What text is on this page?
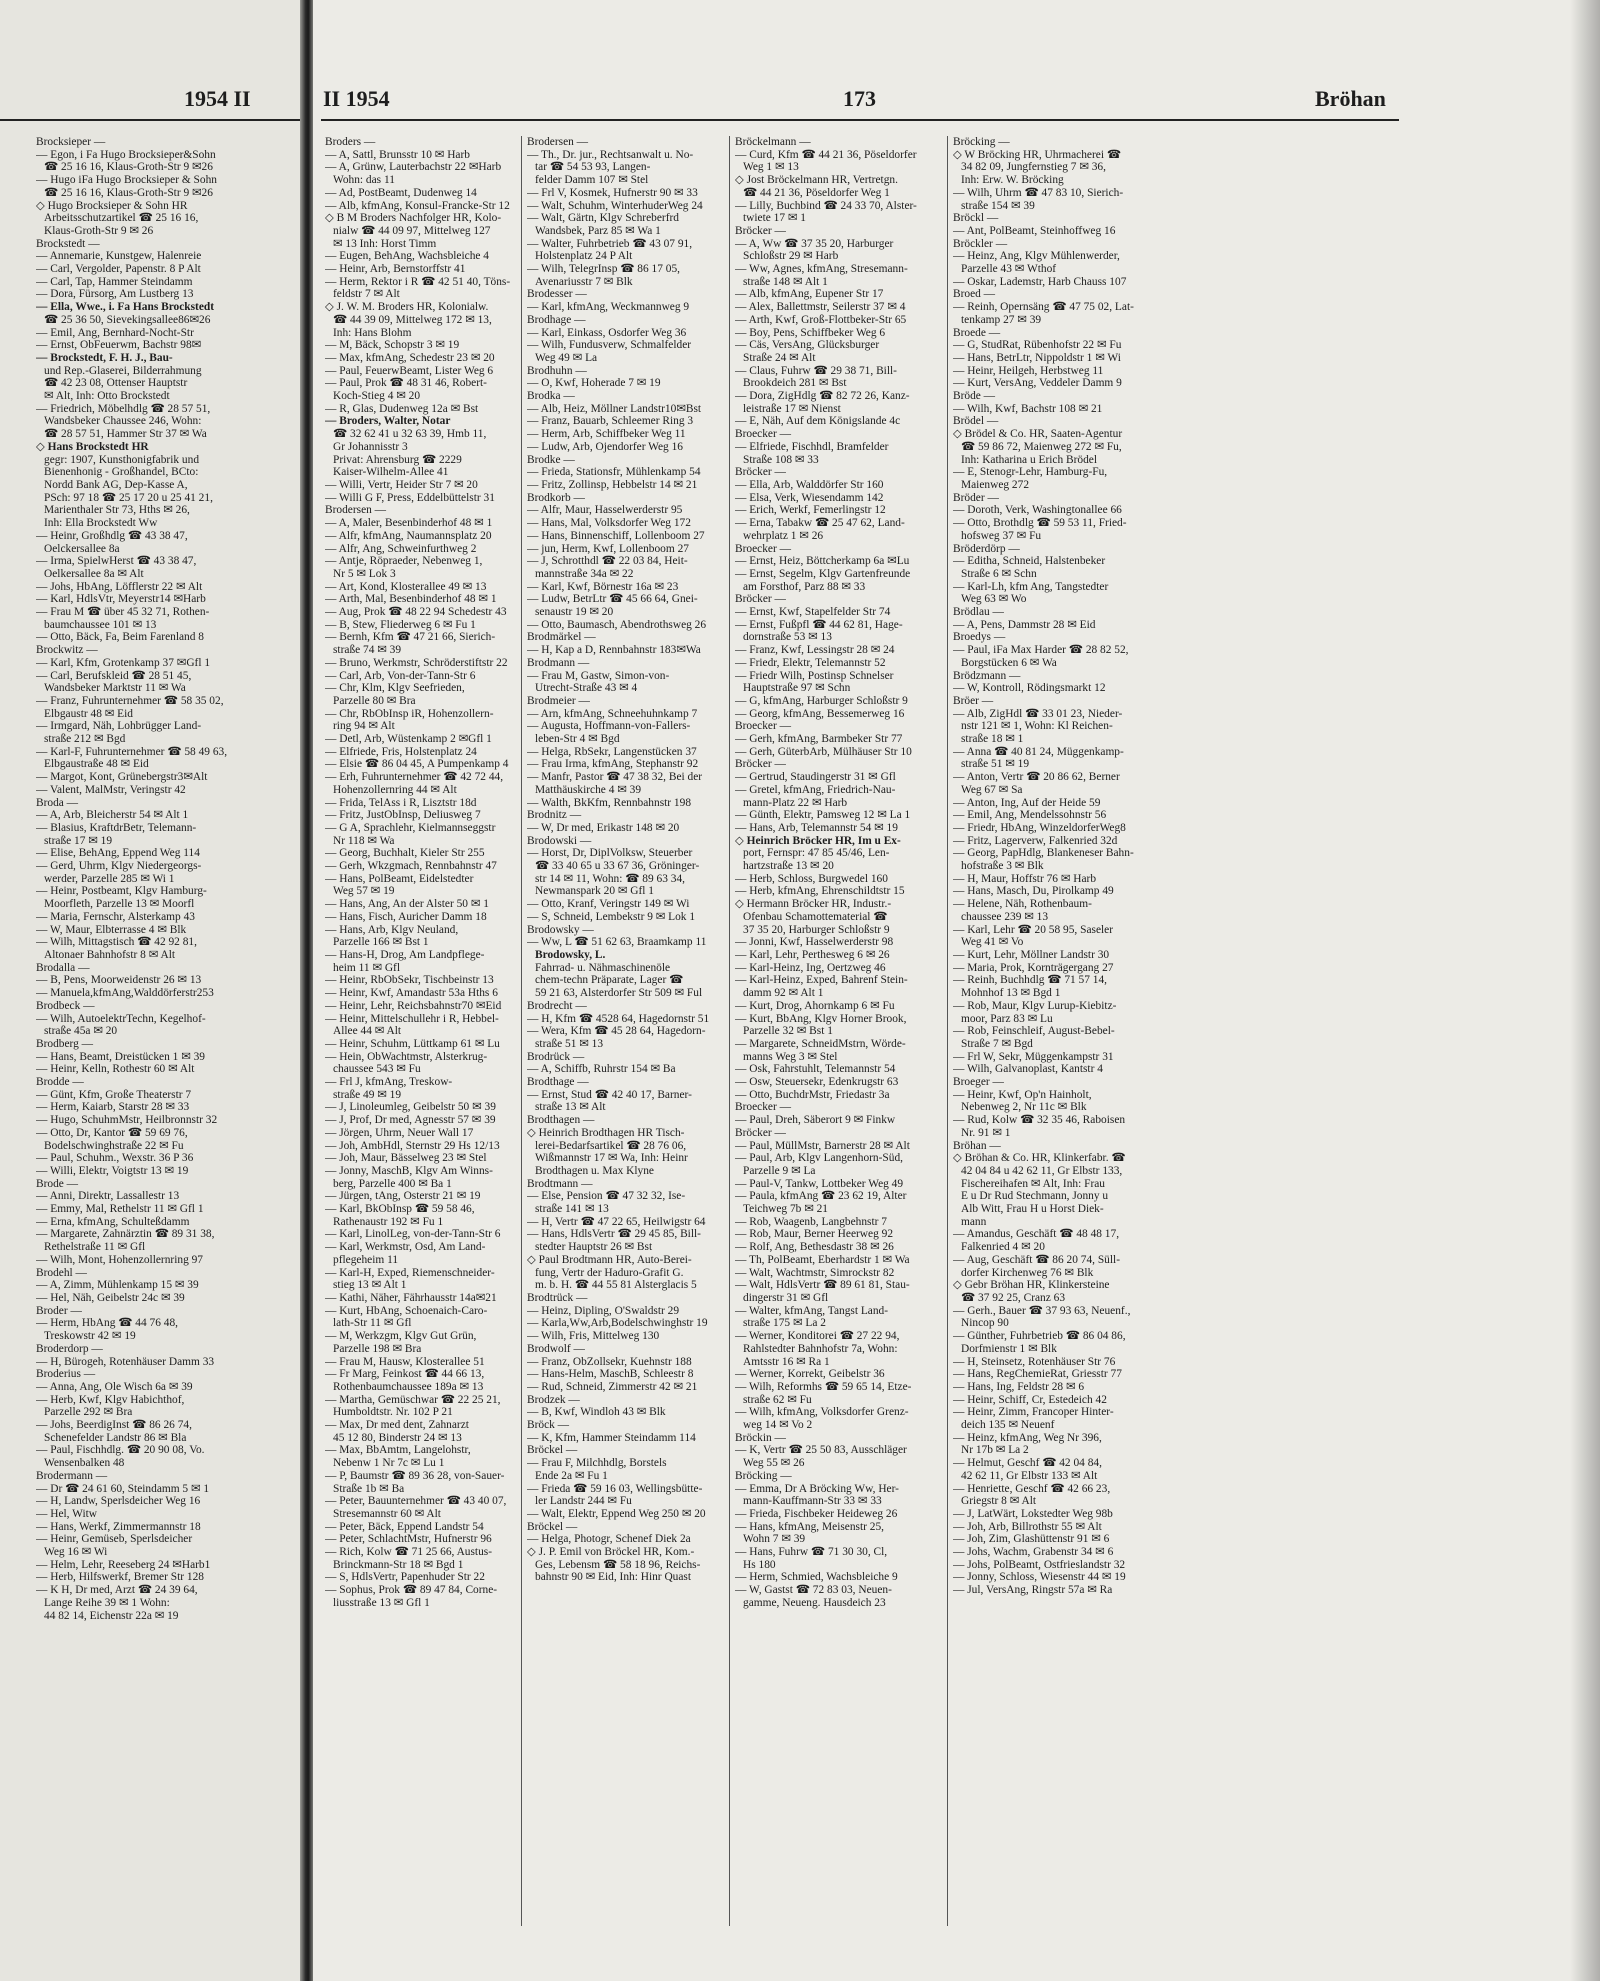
1954 II
Brocksieper —
— Egon, i Fa Hugo Brocksieper&Sohn
☎ 25 16 16, Klaus-Groth-Str 9 ✉26
— Hugo iFa Hugo Brocksieper & Sohn
☎ 25 16 16, Klaus-Groth-Str 9 ✉26
◇ Hugo Brocksieper & Sohn HR
Arbeitsschutzartikel ☎ 25 16 16,
Klaus-Groth-Str 9 ✉ 26
Brockstedt —
— Annemarie, Kunstgew, Halenreie
— Carl, Vergolder, Papenstr. 8 P Alt
— Carl, Tap, Hammer Steindamm
— Dora, Fürsorg, Am Lustberg 13
— Ella, Wwe., i. Fa Hans Brockstedt
☎ 25 36 50, Sievekingsallee86✉26
— Emil, Ang, Bernhard-Nocht-Str
— Ernst, ObFeuerwm, Bachstr 98✉
— Brockstedt, F. H. J., Bau-
und Rep.-Glaserei, Bilderrahmung
☎ 42 23 08, Ottenser Hauptstr
✉ Alt, Inh: Otto Brockstedt
— Friedrich, Möbelhdlg ☎ 28 57 51,
Wandsbeker Chaussee 246, Wohn:
☎ 28 57 51, Hammer Str 37 ✉ Wa
◇ Hans Brockstedt HR
gegr: 1907, Kunsthonigfabrik und
Bienenhonig - Großhandel, BCto:
Nordd Bank AG, Dep-Kasse A,
PSch: 97 18 ☎ 25 17 20 u 25 41 21,
Marienthaler Str 73, Hths ✉ 26,
Inh: Ella Brockstedt Ww
— Heinr, Großhdlg ☎ 43 38 47,
Oelckersallee 8a
— Irma, SpielwHerst ☎ 43 38 47,
Oelkersallee 8a ✉ Alt
— Johs, HbAng, Löfflerstr 22 ✉ Alt
— Karl, HdlsVtr, Meyerstr14 ✉Harb
— Frau M ☎ über 45 32 71, Rothen-
baumchaussee 101 ✉ 13
— Otto, Bäck, Fa, Beim Farenland 8
Brockwitz —
— Karl, Kfm, Grotenkamp 37 ✉Gfl 1
— Carl, Berufskleid ☎ 28 51 45,
Wandsbeker Marktstr 11 ✉ Wa
— Franz, Fuhrunternehmer ☎ 58 35 02,
Elbgaustr 48 ✉ Eid
— Irmgard, Näh, Lohbrügger Land-
straße 212 ✉ Bgd
— Karl-F, Fuhrunternehmer ☎ 58 49 63,
Elbgaustraße 48 ✉ Eid
— Margot, Kont, Grünebergstr3✉Alt
— Valent, MalMstr, Veringstr 42
Broda —
— A, Arb, Bleicherstr 54 ✉ Alt 1
— Blasius, KraftdrBetr, Telemann-
straße 17 ✉ 19
— Elise, BehAng, Eppend Weg 114
— Gerd, Uhrm, Klgv Niedergeorgs-
werder, Parzelle 285 ✉ Wi 1
— Heinr, Postbeamt, Klgv Hamburg-
Moorfleth, Parzelle 13 ✉ Moorfl
— Maria, Fernschr, Alsterkamp 43
— W, Maur, Elbterrasse 4 ✉ Blk
— Wilh, Mittagstisch ☎ 42 92 81,
Altonaer Bahnhofstr 8 ✉ Alt
Brodalla —
— B, Pens, Moorweidenstr 26 ✉ 13
— Manuela,kfmAng,Walddörferstr253
Brodbeck —
— Wilh, AutoelektrTechn, Kegelhof-
straße 45a ✉ 20
Brodberg —
— Hans, Beamt, Dreistücken 1 ✉ 39
— Heinr, Kelln, Rothestr 60 ✉ Alt
Brodde —
— Günt, Kfm, Große Theaterstr 7
— Herm, Kaiarb, Starstr 28 ✉ 33
— Hugo, SchuhmMstr, Heilbronnstr 32
— Otto, Dr, Kantor ☎ 59 69 76,
Bodelschwinghstraße 22 ✉ Fu
— Paul, Schuhm., Wexstr. 36 P 36
— Willi, Elektr, Voigtstr 13 ✉ 19
Brode —
— Anni, Direktr, Lassallestr 13
— Emmy, Mal, Rethelstr 11 ✉ Gfl 1
— Erna, kfmAng, Schulteßdamm
— Margarete, Zahnärztin ☎ 89 31 38,
Rethelstraße 11 ✉ Gfl
— Wilh, Mont, Hohenzollernring 97
Brodehl —
— A, Zimm, Mühlenkamp 15 ✉ 39
— Hel, Näh, Geibelstr 24c ✉ 39
Broder —
— Herm, HbAng ☎ 44 76 48,
Treskowstr 42 ✉ 19
Broderdorp —
— H, Bürogeh, Rotenhäuser Damm 33
Broderius —
— Anna, Ang, Ole Wisch 6a ✉ 39
— Herb, Kwf, Klgv Habichthof,
Parzelle 292 ✉ Bra
— Johs, BeerdigInst ☎ 86 26 74,
Schenefelder Landstr 86 ✉ Bla
— Paul, Fischhdlg. ☎ 20 90 08, Vo.
Wensenbalken 48
Brodermann —
— Dr ☎ 24 61 60, Steindamm 5 ✉ 1
— H, Landw, Sperlsdeicher Weg 16
— Hel, Witw
— Hans, Werkf, Zimmermannstr 18
— Heinr, Gemüseb, Sperlsdeicher
Weg 16 ✉ Wi
— Helm, Lehr, Reeseberg 24 ✉Harb1
— Herb, Hilfswerkf, Bremer Str 128
— K H, Dr med, Arzt ☎ 24 39 64,
Lange Reihe 39 ✉ 1 Wohn:
44 82 14, Eichenstr 22a ✉ 19
II 1954	173	Bröhan
Broders —
— A, Sattl, Brunsstr 10 ✉ Harb
— A, Grünw, Lauterbachstr 22 ✉Harb
Wohn: das 11
— Ad, PostBeamt, Dudenweg 14
— Alb, kfmAng, Konsul-Francke-Str 12
◇ B M Broders Nachfolger HR, Kolo-
nialw ☎ 44 09 97, Mittelweg 127
✉ 13 Inh: Horst Timm
— Eugen, BehAng, Wachsbleiche 4
— Heinr, Arb, Bernstorffstr 41
— Herm, Rektor i R ☎ 42 51 40, Töns-
feldstr 7 ✉ Alt
◇ J. W. M. Broders HR, Kolonialw.
☎ 44 39 09, Mittelweg 172 ✉ 13,
Inh: Hans Blohm
— M, Bäck, Schopstr 3 ✉ 19
— Max, kfmAng, Schedestr 23 ✉ 20
— Paul, FeuerwBeamt, Lister Weg 6
— Paul, Prok ☎ 48 31 46, Robert-
Koch-Stieg 4 ✉ 20
— R, Glas, Dudenweg 12a ✉ Bst
— Broders, Walter, Notar
☎ 32 62 41 u 32 63 39, Hmb 11,
Gr Johannisstr 3
Privat: Ahrensburg ☎ 2229
Kaiser-Wilhelm-Allee 41
— Willi, Vertr, Heider Str 7 ✉ 20
— Willi G F, Press, Eddelbüttelstr 31
Brodersen —
— A, Maler, Besenbinderhof 48 ✉ 1
— Alfr, kfmAng, Naumannsplatz 20
— Alfr, Ang, Schweinfurthweg 2
— Antje, Röpraeder, Nebenweg 1,
Nr 5 ✉ Lok 3
— Art, Kond, Klosterallee 49 ✉ 13
— Arth, Mal, Besenbinderhof 48 ✉ 1
— Aug, Prok ☎ 48 22 94 Schedestr 43
— B, Stew, Fliederweg 6 ✉ Fu 1
— Bernh, Kfm ☎ 47 21 66, Sierich-
straße 74 ✉ 39
— Bruno, Werkmstr, Schröderstiftstr 22
— Carl, Arb, Von-der-Tann-Str 6
— Chr, Klm, Klgv Seefrieden,
Parzelle 80 ✉ Bra
— Chr, RbObInsp iR, Hohenzollern-
ring 94 ✉ Alt
— Detl, Arb, Wüstenkamp 2 ✉Gfl 1
— Elfriede, Fris, Holstenplatz 24
— Elsie ☎ 86 04 45, A Pumpenkamp 4
— Erh, Fuhrunternehmer ☎ 42 72 44,
Hohenzollernring 44 ✉ Alt
— Frida, TelAss i R, Lisztstr 18d
— Fritz, JustObInsp, Deliusweg 7
— G A, Sprachlehr, Kielmannseggstr
Nr 118 ✉ Wa
— Georg, Buchhalt, Kieler Str 255
— Gerh, Wkzgmach, Rennbahnstr 47
— Hans, PolBeamt, Eidelstedter
Weg 57 ✉ 19
— Hans, Ang, An der Alster 50 ✉ 1
— Hans, Fisch, Auricher Damm 18
— Hans, Arb, Klgv Neuland,
Parzelle 166 ✉ Bst 1
— Hans-H, Drog, Am Landpflege-
heim 11 ✉ Gfl
— Heinr, RbObSekr, Tischbeinstr 13
— Heinr, Kwf, Amandastr 53a Hths 6
— Heinr, Lehr, Reichsbahnstr70 ✉Eid
— Heinr, Mittelschullehr i R, Hebbel-
Allee 44 ✉ Alt
— Heinr, Schuhm, Lüttkamp 61 ✉ Lu
— Hein, ObWachtmstr, Alsterkrug-
chaussee 543 ✉ Fu
— Frl J, kfmAng, Treskow-
straße 49 ✉ 19
— J, Linoleumleg, Geibelstr 50 ✉ 39
— J, Prof, Dr med, Agnesstr 57 ✉ 39
— Jörgen, Uhrm, Neuer Wall 17
— Joh, AmbHdl, Sternstr 29 Hs 12/13
— Joh, Maur, Bässelweg 23 ✉ Stel
— Jonny, MaschB, Klgv Am Winns-
berg, Parzelle 400 ✉ Ba 1
— Jürgen, tAng, Osterstr 21 ✉ 19
— Karl, BkObInsp ☎ 59 58 46,
Rathenaustr 192 ✉ Fu 1
— Karl, LinolLeg, von-der-Tann-Str 6
— Karl, Werkmstr, Osd, Am Land-
pflegeheim 11
— Karl-H, Exped, Riemenschneider-
stieg 13 ✉ Alt 1
— Kathi, Näher, Fährhausstr 14a✉21
— Kurt, HbAng, Schoenaich-Caro-
lath-Str 11 ✉ Gfl
— M, Werkzgm, Klgv Gut Grün,
Parzelle 198 ✉ Bra
— Frau M, Hausw, Klosterallee 51
— Fr Marg, Feinkost ☎ 44 66 13,
Rothenbaumchaussee 189a ✉ 13
— Martha, Gemüschwar ☎ 22 25 21,
Humboldtstr. Nr. 102 P 21
— Max, Dr med dent, Zahnarzt
45 12 80, Binderstr 24 ✉ 13
— Max, BbAmtm, Langelohstr,
Nebenw 1 Nr 7c ✉ Lu 1
— P, Baumstr ☎ 89 36 28, von-Sauer-
Straße 1b ✉ Ba
— Peter, Bauunternehmer ☎ 43 40 07,
Stresemannstr 60 ✉ Alt
— Peter, Bäck, Eppend Landstr 54
— Peter, SchlachtMstr, Hufnerstr 96
— Rich, Kolw ☎ 71 25 66, Austus-
Brinckmann-Str 18 ✉ Bgd 1
— S, HdlsVertr, Papenhuder Str 22
— Sophus, Prok ☎ 89 47 84, Corne-
liusstraße 13 ✉ Gfl 1
Brodersen —
— Th., Dr. jur., Rechtsanwalt u. No-
tar ☎ 54 53 93, Langen-
felder Damm 107 ✉ Stel
— Frl V, Kosmek, Hufnerstr 90 ✉ 33
— Walt, Schuhm, WinterhuderWeg 24
— Walt, Gärtn, Klgv Schreberfrd
Wandsbek, Parz 85 ✉ Wa 1
— Walter, Fuhrbetrieb ☎ 43 07 91,
Holstenplatz 24 P Alt
— Wilh, TelegrInsp ☎ 86 17 05,
Avenariusstr 7 ✉ Blk
Brodesser —
— Karl, kfmAng, Weckmannweg 9
Brodhage —
— Karl, Einkass, Osdorfer Weg 36
— Wilh, Fundusverw, Schmalfelder
Weg 49 ✉ La
Brodhuhn —
— O, Kwf, Hoheradе 7 ✉ 19
Brodka —
— Alb, Heiz, Möllner Landstr10✉Bst
— Franz, Bauarb, Schleemer Ring 3
— Herm, Arb, Schiffbeker Weg 11
— Ludw, Arb, Ojendorfer Weg 16
Brodke —
— Frieda, Stationsfr, Mühlenkamp 54
— Fritz, Zollinsp, Hebbelstr 14 ✉ 21
Brodkorb —
— Alfr, Maur, Hasselwerderstr 95
— Hans, Mal, Volksdorfer Weg 172
— Hans, Binnenschiff, Lollenboom 27
— jun, Herm, Kwf, Lollenboom 27
— J, Schrotthdl ☎ 22 03 84, Heit-
mannstraße 34a ✉ 22
— Karl, Kwf, Börnestr 16a ✉ 23
— Ludw, BetrLtr ☎ 45 66 64, Gnei-
senaustr 19 ✉ 20
— Otto, Baumasch, Abendrothsweg 26
Brodmärkel —
— H, Kap a D, Rennbahnstr 183✉Wa
Brodmann —
— Frau M, Gastw, Simon-von-
Utrecht-Straße 43 ✉ 4
Brodmeier —
— Arn, kfmAng, Schneehuhnkamp 7
— Augusta, Hoffmann-von-Fallers-
leben-Str 4 ✉ Bgd
— Helga, RbSekr, Langenstücken 37
— Frau Irma, kfmAng, Stephanstr 92
— Manfr, Pastor ☎ 47 38 32, Bei der
Matthäuskirche 4 ✉ 39
— Walth, BkKfm, Rennbahnstr 198
Brodnitz —
— W, Dr med, Erikastr 148 ✉ 20
Brodowski —
— Horst, Dr, DiplVolksw, Steuerber
☎ 33 40 65 u 33 67 36, Gröninger-
str 14 ✉ 11, Wohn: ☎ 89 63 34,
Newmanspark 20 ✉ Gfl 1
— Otto, Kranf, Veringstr 149 ✉ Wi
— S, Schneid, Lembekstr 9 ✉ Lok 1
Brodowsky —
— Ww, L ☎ 51 62 63, Braamkamp 11
Brodowsky, L.
Fahrrad- u. Nähmaschinenöle
chem-techn Präparate, Lager ☎
59 21 63, Alsterdorfer Str 509 ✉ Ful
Brodrecht —
— H, Kfm ☎ 4528 64, Hagedornstr 51
— Wera, Kfm ☎ 45 28 64, Hagedorn-
straße 51 ✉ 13
Brodrück —
— A, Schiffb, Ruhrstr 154 ✉ Ba
Brodthage —
— Ernst, Stud ☎ 42 40 17, Barner-
straße 13 ✉ Alt
Brodthagen —
◇ Heinrich Brodthagen HR Tisch-
lerei-Bedarfsartikel ☎ 28 76 06,
Wißmannstr 17 ✉ Wa, Inh: Heinr
Brodthagen u. Max Klyne
Brodtmann —
— Else, Pension ☎ 47 32 32, Ise-
straße 141 ✉ 13
— H, Vertr ☎ 47 22 65, Heilwigstr 64
— Hans, HdlsVertr ☎ 29 45 85, Bill-
stedter Hauptstr 26 ✉ Bst
◇ Paul Brodtmann HR, Auto-Berei-
fung, Vertr der Haduro-Grafit G.
m. b. H. ☎ 44 55 81 Alsterglacis 5
Brodtrück —
— Heinz, Dipling, O'Swaldstr 29
— Karla,Ww,Arb,Bodelschwinghstr 19
— Wilh, Fris, Mittelweg 130
Brodwolf —
— Franz, ObZollsekr, Kuehnstr 188
— Hans-Helm, MaschB, Schleestr 8
— Rud, Schneid, Zimmerstr 42 ✉ 21
Brodzek —
— B, Kwf, Windloh 43 ✉ Blk
Bröck —
— K, Kfm, Hammer Steindamm 114
Bröckel —
— Frau F, Milchhdlg, Borstels
Ende 2a ✉ Fu 1
— Frieda ☎ 59 16 03, Wellingsbütte-
ler Landstr 244 ✉ Fu
— Walt, Elektr, Eppend Weg 250 ✉ 20
Bröckel —
— Helga, Photogr, Schenef Diek 2a
◇ J. P. Emil von Bröckel HR, Kom.-
Ges, Lebensm ☎ 58 18 96, Reichs-
bahnstr 90 ✉ Eid, Inh: Hinr Quast
Bröckelmann —
— Curd, Kfm ☎ 44 21 36, Pöseldorfer
Weg 1 ✉ 13
◇ Jost Bröckelmann HR, Vertretgn.
☎ 44 21 36, Pöseldorfer Weg 1
— Lilly, Buchbind ☎ 24 33 70, Alster-
twiete 17 ✉ 1
Bröcker —
— A, Ww ☎ 37 35 20, Harburger
Schloßstr 29 ✉ Harb
— Ww, Agnes, kfmAng, Stresemann-
straße 148 ✉ Alt 1
— Alb, kfmAng, Eupener Str 17
— Alex, Ballettmstr, Seilerstr 37 ✉ 4
— Arth, Kwf, Groß-Flottbeker-Str 65
— Boy, Pens, Schiffbeker Weg 6
— Cäs, VersAng, Glücksburger
Straße 24 ✉ Alt
— Claus, Fuhrw ☎ 29 38 71, Bill-
Brookdeich 281 ✉ Bst
— Dora, ZigHdlg ☎ 82 72 26, Kanz-
leistraße 17 ✉ Nienst
— E, Näh, Auf dem Königslande 4c
Broecker —
— Elfriede, Fischhdl, Bramfelder
Straße 108 ✉ 33
Bröcker —
— Ella, Arb, Walddörfer Str 160
— Elsa, Verk, Wiesendamm 142
— Erich, Werkf, Femerlingstr 12
— Erna, Tabakw ☎ 25 47 62, Land-
wehrplatz 1 ✉ 26
Broecker —
— Ernst, Heiz, Böttcherkamp 6a ✉Lu
— Ernst, Segelm, Klgv Gartenfreunde
am Forsthof, Parz 88 ✉ 33
Bröcker —
— Ernst, Kwf, Stapelfelder Str 74
— Ernst, Fußpfl ☎ 44 62 81, Hage-
dornstraße 53 ✉ 13
— Franz, Kwf, Lessingstr 28 ✉ 24
— Friedr, Elektr, Telemannstr 52
— Friedr Wilh, Postinsp Schnelser
Hauptstraße 97 ✉ Schn
— G, kfmAng, Harburger Schloßstr 9
— Georg, kfmAng, Bessemerweg 16
Broecker —
— Gerh, kfmAng, Barmbeker Str 77
— Gerh, GüterbArb, Mülhäuser Str 10
Bröcker —
— Gertrud, Staudingerstr 31 ✉ Gfl
— Gretel, kfmAng, Friedrich-Nau-
mann-Platz 22 ✉ Harb
— Günth, Elektr, Pamsweg 12 ✉ La 1
— Hans, Arb, Telemannstr 54 ✉ 19
◇ Heinrich Bröcker HR, Im u Ex-
port, Fernspr: 47 85 45/46, Len-
hartzstraße 13 ✉ 20
— Herb, Schloss, Burgwedel 160
— Herb, kfmAng, Ehrenschildtstr 15
◇ Hermann Bröcker HR, Industr.-
Ofenbau Schamottematerial ☎
37 35 20, Harburger Schloßstr 9
— Jonni, Kwf, Hasselwerderstr 98
— Karl, Lehr, Perthesweg 6 ✉ 26
— Karl-Heinz, Ing, Oertzweg 46
— Karl-Heinz, Exped, Bahrenf Stein-
damm 92 ✉ Alt 1
— Kurt, Drog, Ahornkamp 6 ✉ Fu
— Kurt, BbAng, Klgv Horner Brook,
Parzelle 32 ✉ Bst 1
— Margarete, SchneidMstrn, Wörde-
manns Weg 3 ✉ Stel
— Osk, Fahrstuhlt, Telemannstr 54
— Osw, Steuersekr, Edenkrugstr 63
— Otto, BuchdrMstr, Friedastr 3a
Broecker —
— Paul, Dreh, Säberort 9 ✉ Finkw
Bröcker —
— Paul, MüllMstr, Barnerstr 28 ✉ Alt
— Paul, Arb, Klgv Langenhorn-Süd,
Parzelle 9 ✉ La
— Paul-V, Tankw, Lottbeker Weg 49
— Paula, kfmAng ☎ 23 62 19, Alter
Teichweg 7b ✉ 21
— Rob, Waagenb, Langbehnstr 7
— Rob, Maur, Berner Heerweg 92
— Rolf, Ang, Bethesdastr 38 ✉ 26
— Th, PolBeamt, Eberhardstr 1 ✉ Wa
— Walt, Wachtmstr, Simrockstr 82
— Walt, HdlsVertr ☎ 89 61 81, Stau-
dingerstr 31 ✉ Gfl
— Walter, kfmAng, Tangst Land-
straße 175 ✉ La 2
— Werner, Konditorei ☎ 27 22 94,
Rahlstedter Bahnhofstr 7a, Wohn:
Amtsstr 16 ✉ Ra 1
— Werner, Korrekt, Geibelstr 36
— Wilh, Reformhs ☎ 59 65 14, Etze-
straße 62 ✉ Fu
— Wilh, kfmAng, Volksdorfer Grenz-
weg 14 ✉ Vo 2
Bröckin —
— K, Vertr ☎ 25 50 83, Ausschläger
Weg 55 ✉ 26
Bröcking —
— Emma, Dr A Bröcking Ww, Her-
mann-Kauffmann-Str 33 ✉ 33
— Frieda, Fischbeker Heideweg 26
— Hans, kfmAng, Meisenstr 25,
Wohn 7 ✉ 39
— Hans, Fuhrw ☎ 71 30 30, Cl,
Hs 180
— Herm, Schmied, Wachsbleiche 9
— W, Gastst ☎ 72 83 03, Neuen-
gamme, Neueng. Hausdeich 23
Bröcking —
◇ W Bröcking HR, Uhrmacherei ☎
34 82 09, Jungfernstieg 7 ✉ 36,
Inh: Erw. W. Bröcking
— Wilh, Uhrm ☎ 47 83 10, Sierich-
straße 154 ✉ 39
Bröckl —
— Ant, PolBeamt, Steinhoffweg 16
Bröckler —
— Heinz, Ang, Klgv Mühlenwerder,
Parzelle 43 ✉ Wthof
— Oskar, Lademstr, Harb Chauss 107
Broed —
— Reinh, Opernsäng ☎ 47 75 02, Lat-
tenkamp 27 ✉ 39
Broede —
— G, StudRat, Rübenhofstr 22 ✉ Fu
— Hans, BetrLtr, Nippoldstr 1 ✉ Wi
— Heinr, Heilgeh, Herbstweg 11
— Kurt, VersAng, Veddeler Damm 9
Bröde —
— Wilh, Kwf, Bachstr 108 ✉ 21
Brödel —
◇ Brödel & Co. HR, Saaten-Agentur
☎ 59 86 72, Maienweg 272 ✉ Fu,
Inh: Katharina u Erich Brödel
— E, Stenogr-Lehr, Hamburg-Fu,
Maienweg 272
Bröder —
— Doroth, Verk, Washingtonallee 66
— Otto, Brothdlg ☎ 59 53 11, Fried-
hofsweg 37 ✉ Fu
Bröderdörp —
— Editha, Schneid, Halstenbeker
Straße 6 ✉ Schn
— Karl-Lh, kfm Ang, Tangstedter
Weg 63 ✉ Wo
Brödlau —
— A, Pens, Dammstr 28 ✉ Eid
Broedys —
— Paul, iFa Max Harder ☎ 28 82 52,
Borgstücken 6 ✉ Wa
Brödzmann —
— W, Kontroll, Rödingsmarkt 12
Bröer —
— Alb, ZigHdl ☎ 33 01 23, Nieder-
nstr 121 ✉ 1, Wohn: Kl Reichen-
straße 18 ✉ 1
— Anna ☎ 40 81 24, Müggenkamp-
straße 51 ✉ 19
— Anton, Vertr ☎ 20 86 62, Berner
Weg 67 ✉ Sa
— Anton, Ing, Auf der Heide 59
— Emil, Ang, Mendelssohnstr 56
— Friedr, HbAng, WinzeldorferWeg8
— Fritz, Lagerverw, Falkenried 32d
— Georg, PapHdlg, Blankeneser Bahn-
hofstraße 3 ✉ Blk
— H, Maur, Hoffstr 76 ✉ Harb
— Hans, Masch, Du, Pirolkamp 49
— Helene, Näh, Rothenbaum-
chaussee 239 ✉ 13
— Karl, Lehr ☎ 20 58 95, Saseler
Weg 41 ✉ Vo
— Kurt, Lehr, Möllner Landstr 30
— Maria, Prok, Kornträgergang 27
— Reinh, Buchhdlg ☎ 71 57 14,
Mohnhof 13 ✉ Bgd 1
— Rob, Maur, Klgv Lurup-Kiebitz-
moor, Parz 83 ✉ Lu
— Rob, Feinschleif, August-Bebel-
Straße 7 ✉ Bgd
— Frl W, Sekr, Müggenkampstr 31
— Wilh, Galvanoplast, Kantstr 4
Broeger —
— Heinr, Kwf, Op'n Hainholt,
Nebenweg 2, Nr 11c ✉ Blk
— Rud, Kolw ☎ 32 35 46, Raboisen
Nr. 91 ✉ 1
Bröhan —
◇ Bröhan & Co. HR, Klinkerfabr. ☎
42 04 84 u 42 62 11, Gr Elbstr 133,
Fischereihafen ✉ Alt, Inh: Frau
E u Dr Rud Stechmann, Jonny u
Alb Witt, Frau H u Horst Diek-
mann
— Amandus, Geschäft ☎ 48 48 17,
Falkenried 4 ✉ 20
— Aug, Geschäft ☎ 86 20 74, Süll-
dorfer Kirchenweg 76 ✉ Blk
◇ Gebr Bröhan HR, Klinkersteine
☎ 37 92 25, Cranz 63
— Gerh., Bauer ☎ 37 93 63, Neuenf.,
Nincop 90
— Günther, Fuhrbetrieb ☎ 86 04 86,
Dorfmienstr 1 ✉ Blk
— H, Steinsetz, Rotenhäuser Str 76
— Hans, RegChemieRat, Griesstr 77
— Hans, Ing, Feldstr 28 ✉ 6
— Heinr, Schiff, Cr, Estedeich 42
— Heinr, Zimm, Francoper Hinter-
deich 135 ✉ Neuenf
— Heinz, kfmAng, Weg Nr 396,
Nr 17b ✉ La 2
— Helmut, Geschf ☎ 42 04 84,
42 62 11, Gr Elbstr 133 ✉ Alt
— Henriette, Geschf ☎ 42 66 23,
Griegstr 8 ✉ Alt
— J, LatWärt, Lokstedter Weg 98b
— Joh, Arb, Billrothstr 55 ✉ Alt
— Joh, Zim, Glashüttenstr 91 ✉ 6
— Johs, Wachm, Grabenstr 34 ✉ 6
— Johs, PolBeamt, Ostfrieslandstr 32
— Jonny, Schloss, Wiesenstr 44 ✉ 19
— Jul, VersAng, Ringstr 57a ✉ Ra
